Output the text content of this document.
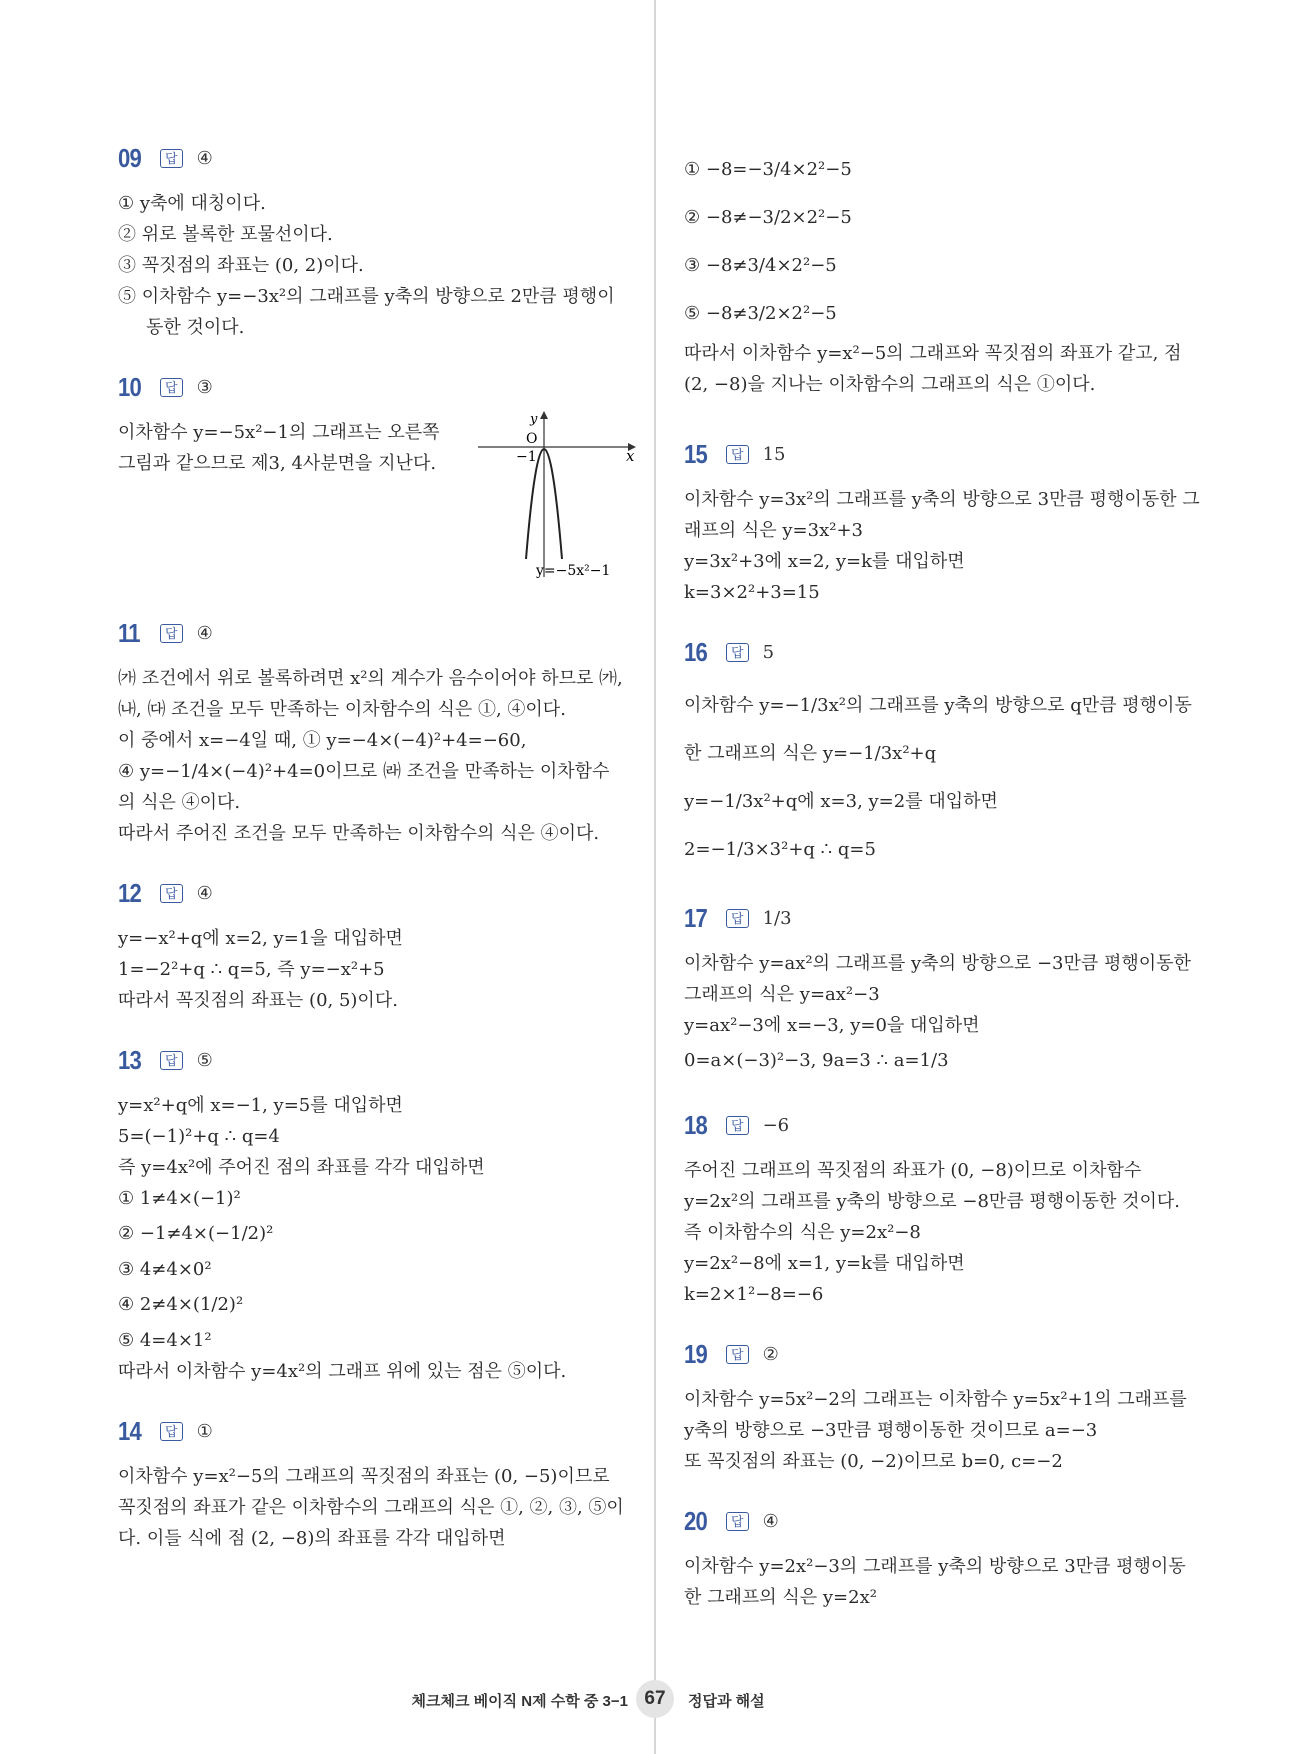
09	답 ④
① y축에 대칭이다.
② 위로 볼록한 포물선이다.
③ 꼭짓점의 좌표는 (0, 2)이다.
⑤ 이차함수 y=−3x²의 그래프를 y축의 방향으로 2만큼 평행이
동한 것이다.
10	답 ③
이차함수 y=−5x²−1의 그래프는 오른쪽
그림과 같으므로 제3, 4사분면을 지난다.
y
x
O
−1
y=−5x²−1
11	답 ④
㈎ 조건에서 위로 볼록하려면 x²의 계수가 음수이어야 하므로 ㈎,
㈏, ㈐ 조건을 모두 만족하는 이차함수의 식은 ①, ④이다.
이 중에서 x=−4일 때, ① y=−4×(−4)²+4=−60,
④ y=−1/4×(−4)²+4=0이므로 ㈑ 조건을 만족하는 이차함수
의 식은 ④이다.
따라서 주어진 조건을 모두 만족하는 이차함수의 식은 ④이다.
12	답 ④
y=−x²+q에 x=2, y=1을 대입하면
1=−2²+q ∴ q=5, 즉 y=−x²+5
따라서 꼭짓점의 좌표는 (0, 5)이다.
13	답 ⑤
y=x²+q에 x=−1, y=5를 대입하면
5=(−1)²+q ∴ q=4
즉 y=4x²에 주어진 점의 좌표를 각각 대입하면
① 1≠4×(−1)²
② −1≠4×(−1/2)²
③ 4≠4×0²
④ 2≠4×(1/2)²
⑤ 4=4×1²
따라서 이차함수 y=4x²의 그래프 위에 있는 점은 ⑤이다.
14	답 ①
이차함수 y=x²−5의 그래프의 꼭짓점의 좌표는 (0, −5)이므로
꼭짓점의 좌표가 같은 이차함수의 그래프의 식은 ①, ②, ③, ⑤이
다. 이들 식에 점 (2, −8)의 좌표를 각각 대입하면
① −8=−3/4×2²−5
② −8≠−3/2×2²−5
③ −8≠3/4×2²−5
⑤ −8≠3/2×2²−5
따라서 이차함수 y=x²−5의 그래프와 꼭짓점의 좌표가 같고, 점
(2, −8)을 지나는 이차함수의 그래프의 식은 ①이다.
15	답 15
이차함수 y=3x²의 그래프를 y축의 방향으로 3만큼 평행이동한 그
래프의 식은 y=3x²+3
y=3x²+3에 x=2, y=k를 대입하면
k=3×2²+3=15
16	답 5
이차함수 y=−1/3x²의 그래프를 y축의 방향으로 q만큼 평행이동
한 그래프의 식은 y=−1/3x²+q
y=−1/3x²+q에 x=3, y=2를 대입하면
2=−1/3×3²+q ∴ q=5
17	답 1/3
이차함수 y=ax²의 그래프를 y축의 방향으로 −3만큼 평행이동한
그래프의 식은 y=ax²−3
y=ax²−3에 x=−3, y=0을 대입하면
0=a×(−3)²−3, 9a=3 ∴ a=1/3
18	답 −6
주어진 그래프의 꼭짓점의 좌표가 (0, −8)이므로 이차함수
y=2x²의 그래프를 y축의 방향으로 −8만큼 평행이동한 것이다.
즉 이차함수의 식은 y=2x²−8
y=2x²−8에 x=1, y=k를 대입하면
k=2×1²−8=−6
19	답 ②
이차함수 y=5x²−2의 그래프는 이차함수 y=5x²+1의 그래프를
y축의 방향으로 −3만큼 평행이동한 것이므로 a=−3
또 꼭짓점의 좌표는 (0, −2)이므로 b=0, c=−2
20	답 ④
이차함수 y=2x²−3의 그래프를 y축의 방향으로 3만큼 평행이동
한 그래프의 식은 y=2x²
체크체크 베이직 N제 수학 중 3−1 67	정답과 해설
